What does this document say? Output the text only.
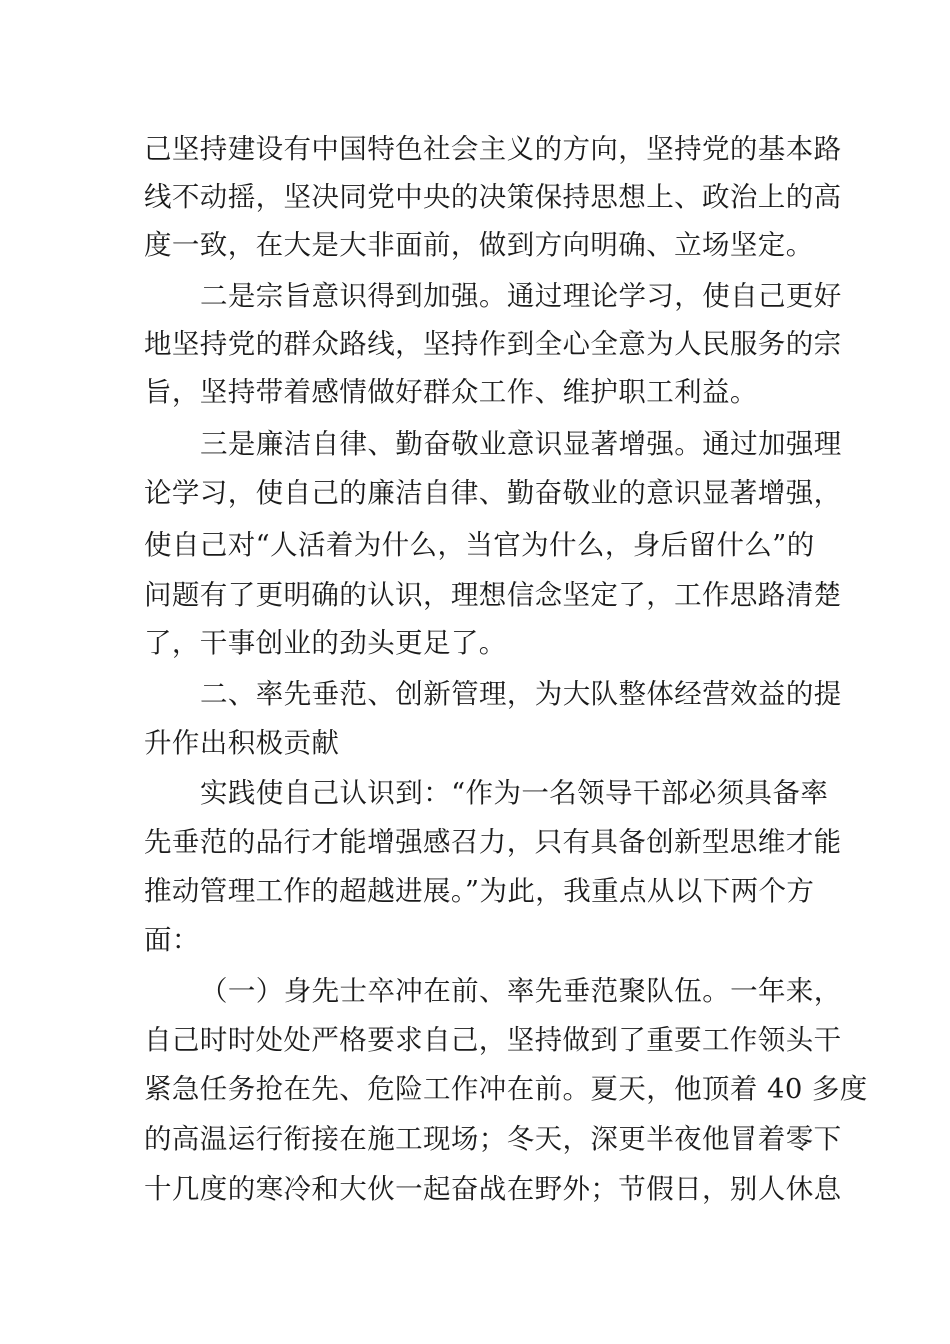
己坚持建设有中国特色社会主义的方向，坚持党的基本路
线不动摇，坚决同党中央的决策保持思想上、政治上的高
度一致，在大是大非面前，做到方向明确、立场坚定。
二是宗旨意识得到加强。通过理论学习，使自己更好
地坚持党的群众路线，坚持作到全心全意为人民服务的宗
旨，坚持带着感情做好群众工作、维护职工利益。
三是廉洁自律、勤奋敬业意识显著增强。通过加强理
论学习，使自己的廉洁自律、勤奋敬业的意识显著增强，
使自己对“人活着为什么，当官为什么，身后留什么”的
问题有了更明确的认识，理想信念坚定了，工作思路清楚
了，干事创业的劲头更足了。
二、率先垂范、创新管理，为大队整体经营效益的提
升作出积极贡献
实践使自己认识到：“作为一名领导干部必须具备率
先垂范的品行才能增强感召力，只有具备创新型思维才能
推动管理工作的超越进展。”为此，我重点从以下两个方
面：
（一）身先士卒冲在前、率先垂范聚队伍。一年来，
自己时时处处严格要求自己，坚持做到了重要工作领头干
紧急任务抢在先、危险工作冲在前。夏天，他顶着 40 多度
的高温运行衔接在施工现场；冬天，深更半夜他冒着零下
十几度的寒冷和大伙一起奋战在野外；节假日，别人休息
